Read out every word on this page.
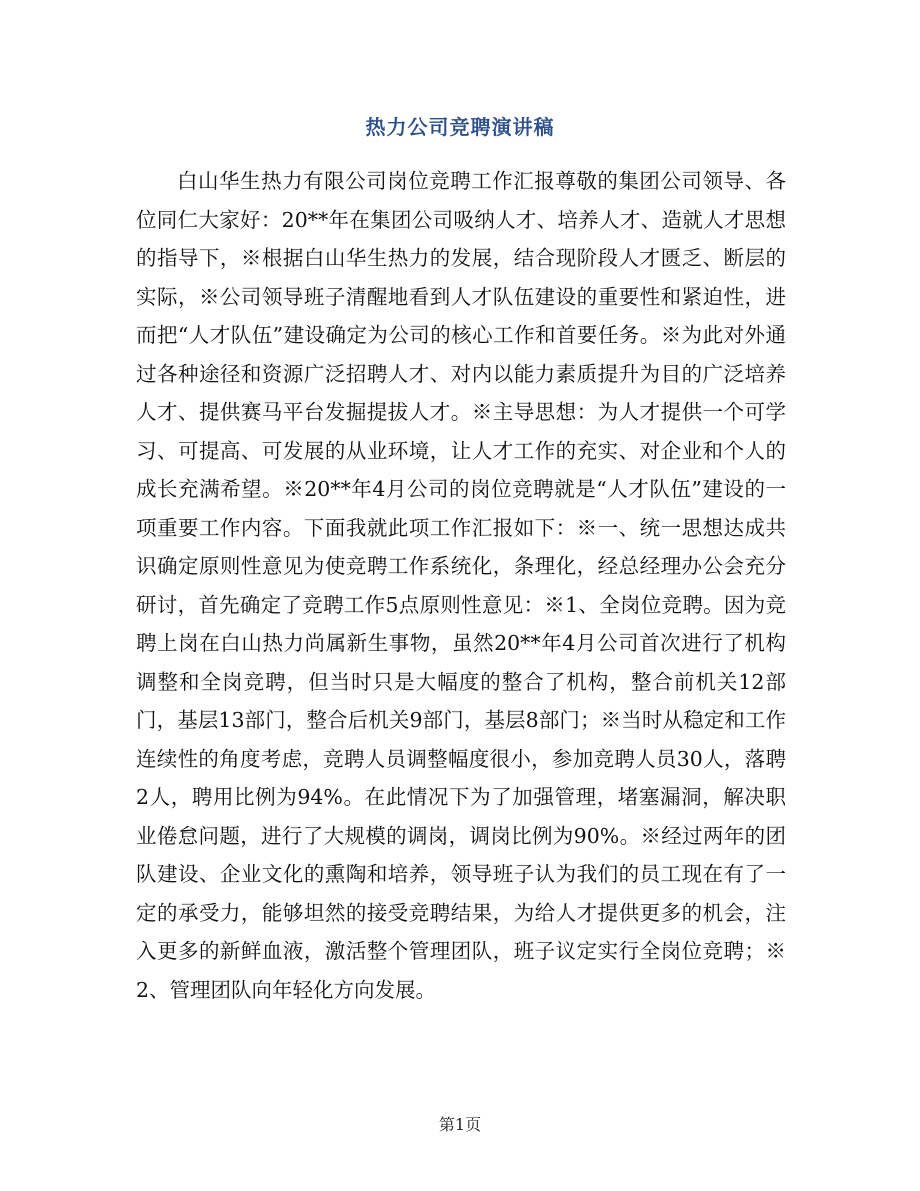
热力公司竞聘演讲稿

白山华生热力有限公司岗位竞聘工作汇报尊敬的集团公司领导、各位同仁大家好：20**年在集团公司吸纳人才、培养人才、造就人才思想的指导下，※根据白山华生热力的发展，结合现阶段人才匮乏、断层的实际，※公司领导班子清醒地看到人才队伍建设的重要性和紧迫性，进而把“人才队伍”建设确定为公司的核心工作和首要任务。※为此对外通过各种途径和资源广泛招聘人才、对内以能力素质提升为目的广泛培养人才、提供赛马平台发掘提拔人才。※主导思想：为人才提供一个可学习、可提高、可发展的从业环境，让人才工作的充实、对企业和个人的成长充满希望。※20**年4月公司的岗位竞聘就是“人才队伍”建设的一项重要工作内容。下面我就此项工作汇报如下：※一、统一思想达成共识确定原则性意见为使竞聘工作系统化，条理化，经总经理办公会充分研讨，首先确定了竞聘工作5点原则性意见：※1、全岗位竞聘。因为竞聘上岗在白山热力尚属新生事物，虽然20**年4月公司首次进行了机构调整和全岗竞聘，但当时只是大幅度的整合了机构，整合前机关12部门，基层13部门，整合后机关9部门，基层8部门；※当时从稳定和工作连续性的角度考虑，竞聘人员调整幅度很小，参加竞聘人员30人，落聘2人，聘用比例为94%。在此情况下为了加强管理，堵塞漏洞，解决职业倦怠问题，进行了大规模的调岗，调岗比例为90%。※经过两年的团队建设、企业文化的熏陶和培养，领导班子认为我们的员工现在有了一定的承受力，能够坦然的接受竞聘结果，为给人才提供更多的机会，注入更多的新鲜血液，激活整个管理团队，班子议定实行全岗位竞聘；※2、管理团队向年轻化方向发展。

第1页
